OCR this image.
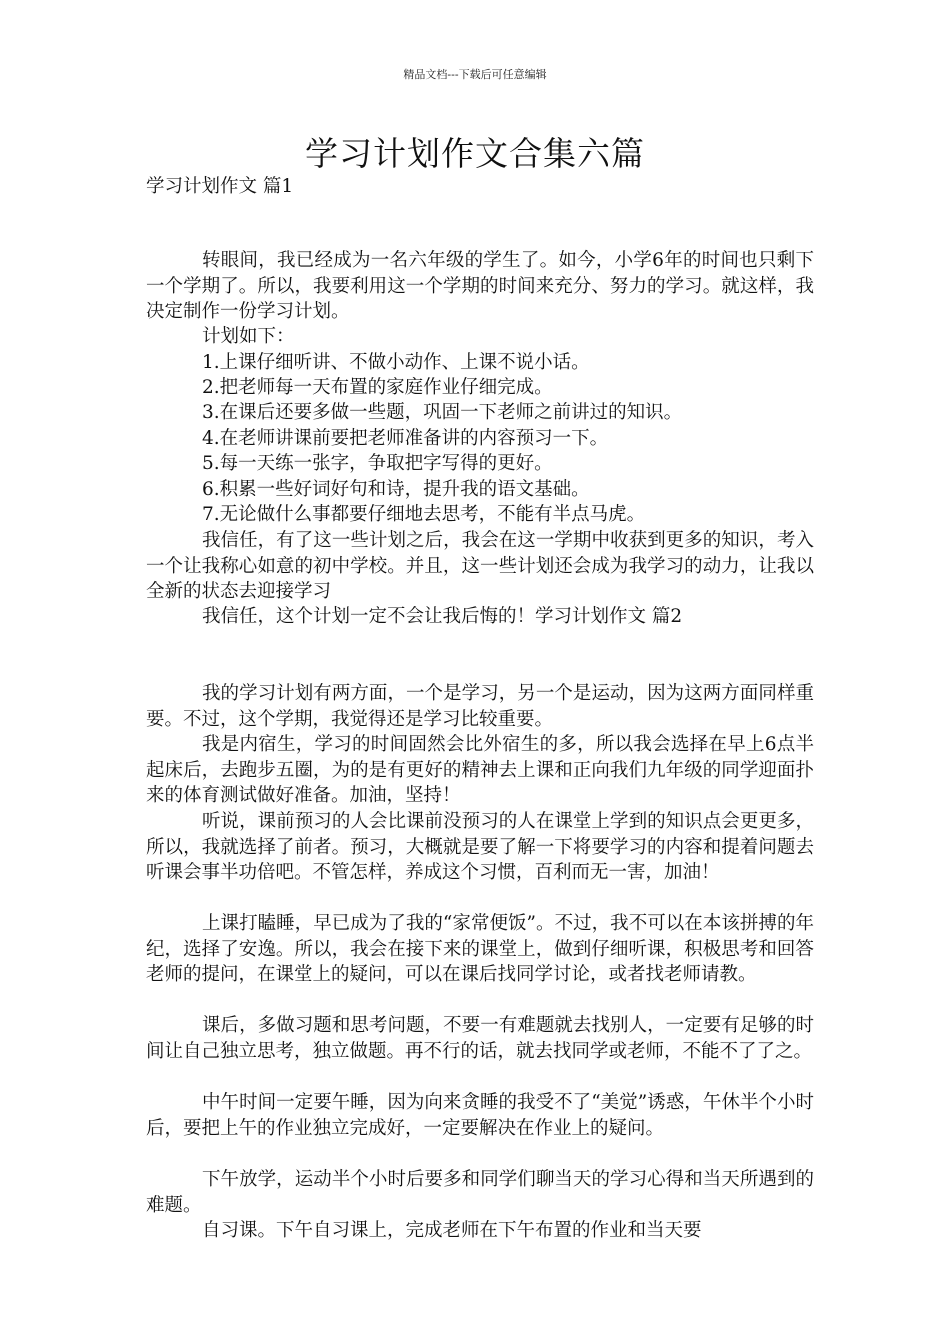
精品文档---下载后可任意编辑
学习计划作文合集六篇
学习计划作文 篇1

转眼间，我已经成为一名六年级的学生了。如今，小学6年的时间也只剩下一个学期了。所以，我要利用这一个学期的时间来充分、努力的学习。就这样，我决定制作一份学习计划。

计划如下：
1.上课仔细听讲、不做小动作、上课不说小话。
2.把老师每一天布置的家庭作业仔细完成。
3.在课后还要多做一些题，巩固一下老师之前讲过的知识。
4.在老师讲课前要把老师准备讲的内容预习一下。
5.每一天练一张字，争取把字写得的更好。
6.积累一些好词好句和诗，提升我的语文基础。
7.无论做什么事都要仔细地去思考，不能有半点马虎。

我信任，有了这一些计划之后，我会在这一学期中收获到更多的知识，考入一个让我称心如意的初中学校。并且，这一些计划还会成为我学习的动力，让我以全新的状态去迎接学习

我信任，这个计划一定不会让我后悔的！学习计划作文 篇2

我的学习计划有两方面，一个是学习，另一个是运动，因为这两方面同样重要。不过，这个学期，我觉得还是学习比较重要。

我是内宿生，学习的时间固然会比外宿生的多，所以我会选择在早上6点半起床后，去跑步五圈，为的是有更好的精神去上课和正向我们九年级的同学迎面扑来的体育测试做好准备。加油，坚持！

听说，课前预习的人会比课前没预习的人在课堂上学到的知识点会更更多，所以，我就选择了前者。预习，大概就是要了解一下将要学习的内容和提着问题去听课会事半功倍吧。不管怎样，养成这个习惯，百利而无一害，加油！

上课打瞌睡，早已成为了我的“家常便饭”。不过，我不可以在本该拼搏的年纪，选择了安逸。所以，我会在接下来的课堂上，做到仔细听课，积极思考和回答老师的提问，在课堂上的疑问，可以在课后找同学讨论，或者找老师请教。

课后，多做习题和思考问题，不要一有难题就去找别人，一定要有足够的时间让自己独立思考，独立做题。再不行的话，就去找同学或老师，不能不了了之。

中午时间一定要午睡，因为向来贪睡的我受不了“美觉”诱惑，午休半个小时后，要把上午的作业独立完成好，一定要解决在作业上的疑问。

下午放学，运动半个小时后要多和同学们聊当天的学习心得和当天所遇到的难题。

自习课。下午自习课上，完成老师在下午布置的作业和当天要
